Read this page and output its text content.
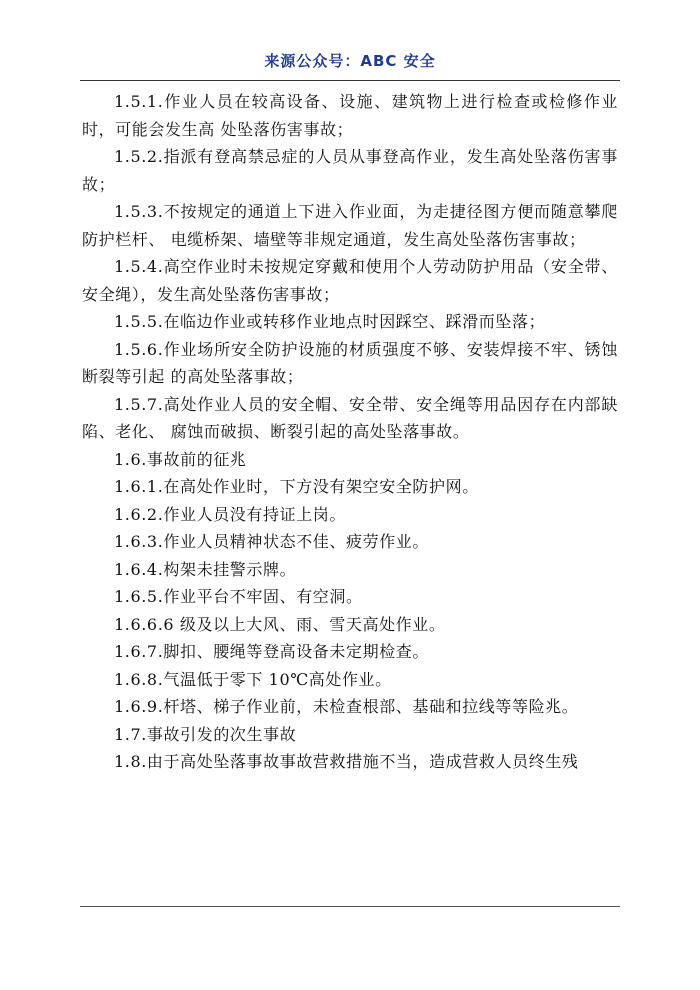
来源公众号：ABC 安全

1.5.1.作业人员在较高设备、设施、建筑物上进行检查或检修作业时，可能会发生高 处坠落伤害事故；

1.5.2.指派有登高禁忌症的人员从事登高作业，发生高处坠落伤害事故；

1.5.3.不按规定的通道上下进入作业面，为走捷径图方便而随意攀爬防护栏杆、 电缆桥架、墙壁等非规定通道，发生高处坠落伤害事故；

1.5.4.高空作业时未按规定穿戴和使用个人劳动防护用品（安全带、安全绳），发生高处坠落伤害事故；

1.5.5.在临边作业或转移作业地点时因踩空、踩滑而坠落；

1.5.6.作业场所安全防护设施的材质强度不够、安装焊接不牢、锈蚀断裂等引起 的高处坠落事故；

1.5.7.高处作业人员的安全帽、安全带、安全绳等用品因存在内部缺陷、老化、 腐蚀而破损、断裂引起的高处坠落事故。

1.6.事故前的征兆

1.6.1.在高处作业时，下方没有架空安全防护网。

1.6.2.作业人员没有持证上岗。

1.6.3.作业人员精神状态不佳、疲劳作业。

1.6.4.构架未挂警示牌。

1.6.5.作业平台不牢固、有空洞。

1.6.6.6 级及以上大风、雨、雪天高处作业。

1.6.7.脚扣、腰绳等登高设备未定期检查。

1.6.8.气温低于零下 10℃高处作业。

1.6.9.杆塔、梯子作业前，未检查根部、基础和拉线等等险兆。

1.7.事故引发的次生事故

1.8.由于高处坠落事故事故营救措施不当，造成营救人员终生残
